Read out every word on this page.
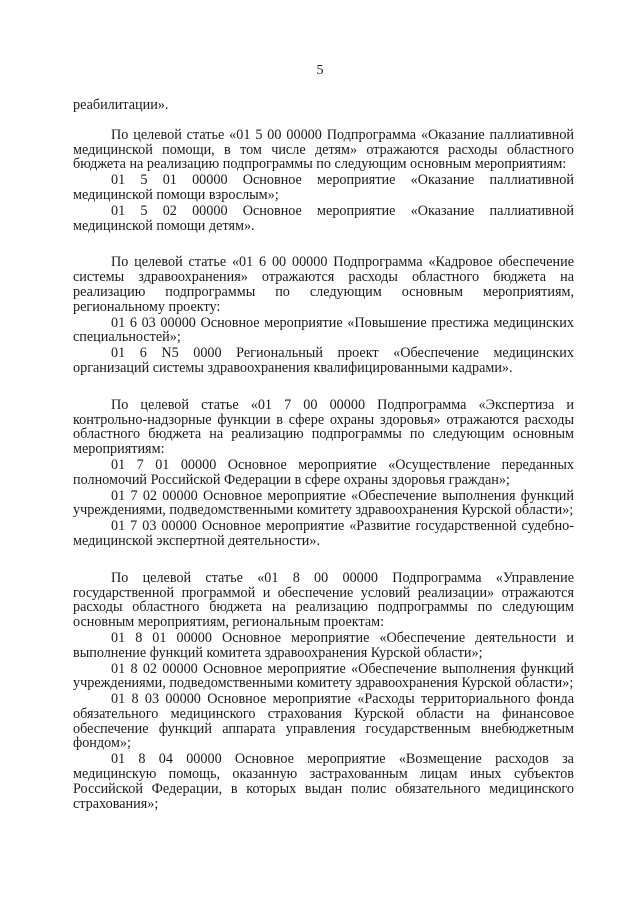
5

реабилитации».

По целевой статье «01 5 00 00000 Подпрограмма «Оказание паллиативной медицинской помощи, в том числе детям» отражаются расходы областного бюджета на реализацию подпрограммы по следующим основным мероприятиям:

01 5 01 00000 Основное мероприятие «Оказание паллиативной медицинской помощи взрослым»;

01 5 02 00000 Основное мероприятие «Оказание паллиативной медицинской помощи детям».

По целевой статье «01 6 00 00000 Подпрограмма «Кадровое обеспечение системы здравоохранения» отражаются расходы областного бюджета на реализацию подпрограммы по следующим основным мероприятиям, региональному проекту:

01 6 03 00000 Основное мероприятие «Повышение престижа медицинских специальностей»;

01 6 N5 0000 Региональный проект «Обеспечение медицинских организаций системы здравоохранения квалифицированными кадрами».

По целевой статье «01 7 00 00000 Подпрограмма «Экспертиза и контрольно-надзорные функции в сфере охраны здоровья» отражаются расходы областного бюджета на реализацию подпрограммы по следующим основным мероприятиям:

01 7 01 00000 Основное мероприятие «Осуществление переданных полномочий Российской Федерации в сфере охраны здоровья граждан»;

01 7 02 00000 Основное мероприятие «Обеспечение выполнения функций учреждениями, подведомственными комитету здравоохранения Курской области»;

01 7 03 00000 Основное мероприятие «Развитие государственной судебно-медицинской экспертной деятельности».

По целевой статье «01 8 00 00000 Подпрограмма «Управление государственной программой и обеспечение условий реализации» отражаются расходы областного бюджета на реализацию подпрограммы по следующим основным мероприятиям, региональным проектам:

01 8 01 00000 Основное мероприятие «Обеспечение деятельности и выполнение функций комитета здравоохранения Курской области»;

01 8 02 00000 Основное мероприятие «Обеспечение выполнения функций учреждениями, подведомственными комитету здравоохранения Курской области»;

01 8 03 00000 Основное мероприятие «Расходы территориального фонда обязательного медицинского страхования Курской области на финансовое обеспечение функций аппарата управления государственным внебюджетным фондом»;

01 8 04 00000 Основное мероприятие «Возмещение расходов за медицинскую помощь, оказанную застрахованным лицам иных субъектов Российской Федерации, в которых выдан полис обязательного медицинского страхования»;
